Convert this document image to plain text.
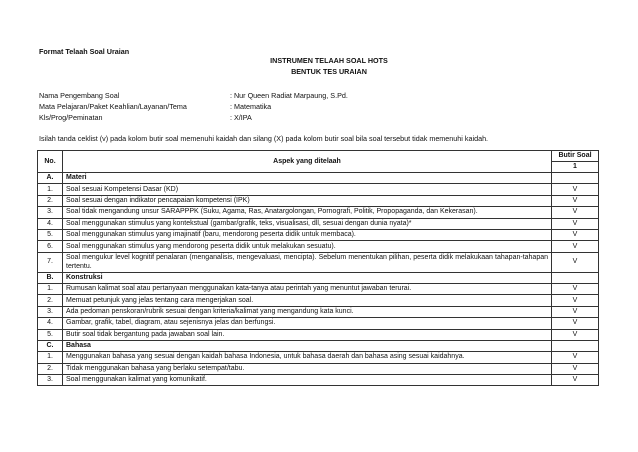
Format Telaah Soal Uraian
INSTRUMEN TELAAH SOAL HOTS
BENTUK TES URAIAN
Nama Pengembang Soal	: Nur Queen Radiat Marpaung, S.Pd.
Mata Pelajaran/Paket Keahlian/Layanan/Tema	: Matematika
Kls/Prog/Peminatan	: X/IPA
Isilah tanda ceklist (v) pada kolom butir soal memenuhi kaidah dan silang (X) pada kolom butir soal bila soal tersebut tidak memenuhi kaidah.
No.	Aspek yang ditelaah	Butir Soal
		1
A.	Materi	
1.	Soal sesuai Kompetensi Dasar (KD)	V
2.	Soal sesuai dengan indikator pencapaian kompetensi (IPK)	V
3.	Soal tidak mengandung unsur SARAPPPK (Suku, Agama, Ras, Anatargolongan, Pornografi, Politik, Propopaganda, dan Kekerasan).	V
4.	Soal menggunakan stimulus yang kontekstual (gambar/grafik, teks, visualisasi, dll, sesuai dengan dunia nyata)*	V
5.	Soal menggunakan stimulus yang imajinatif (baru, mendorong peserta didik untuk membaca).	V
6.	Soal menggunakan stimulus yang mendorong peserta didik untuk melakukan sesuatu).	V
7.	Soal mengukur level kognitif penalaran (menganalisis, mengevaluasi, mencipta). Sebelum menentukan pilihan, peserta didik melakukaan tahapan-tahapan tertentu.	V
B.	Konstruksi	
1.	Rumusan kalimat soal atau pertanyaan menggunakan kata-tanya atau perintah yang menuntut jawaban terurai.	V
2.	Memuat petunjuk yang jelas tentang cara mengerjakan soal.	V
3.	Ada pedoman penskoran/rubrik sesuai dengan kriteria/kalimat yang mengandung kata kunci.	V
4.	Gambar, grafik, tabel, diagram, atau sejenisnya jelas dan berfungsi.	V
5.	Butir soal tidak bergantung pada jawaban soal lain.	V
C.	Bahasa	
1.	Menggunakan bahasa yang sesuai dengan kaidah bahasa Indonesia, untuk bahasa daerah dan bahasa asing sesuai kaidahnya.	V
2.	Tidak menggunakan bahasa yang berlaku setempat/tabu.	V
3.	Soal menggunakan kalimat yang komunikatif.	V
